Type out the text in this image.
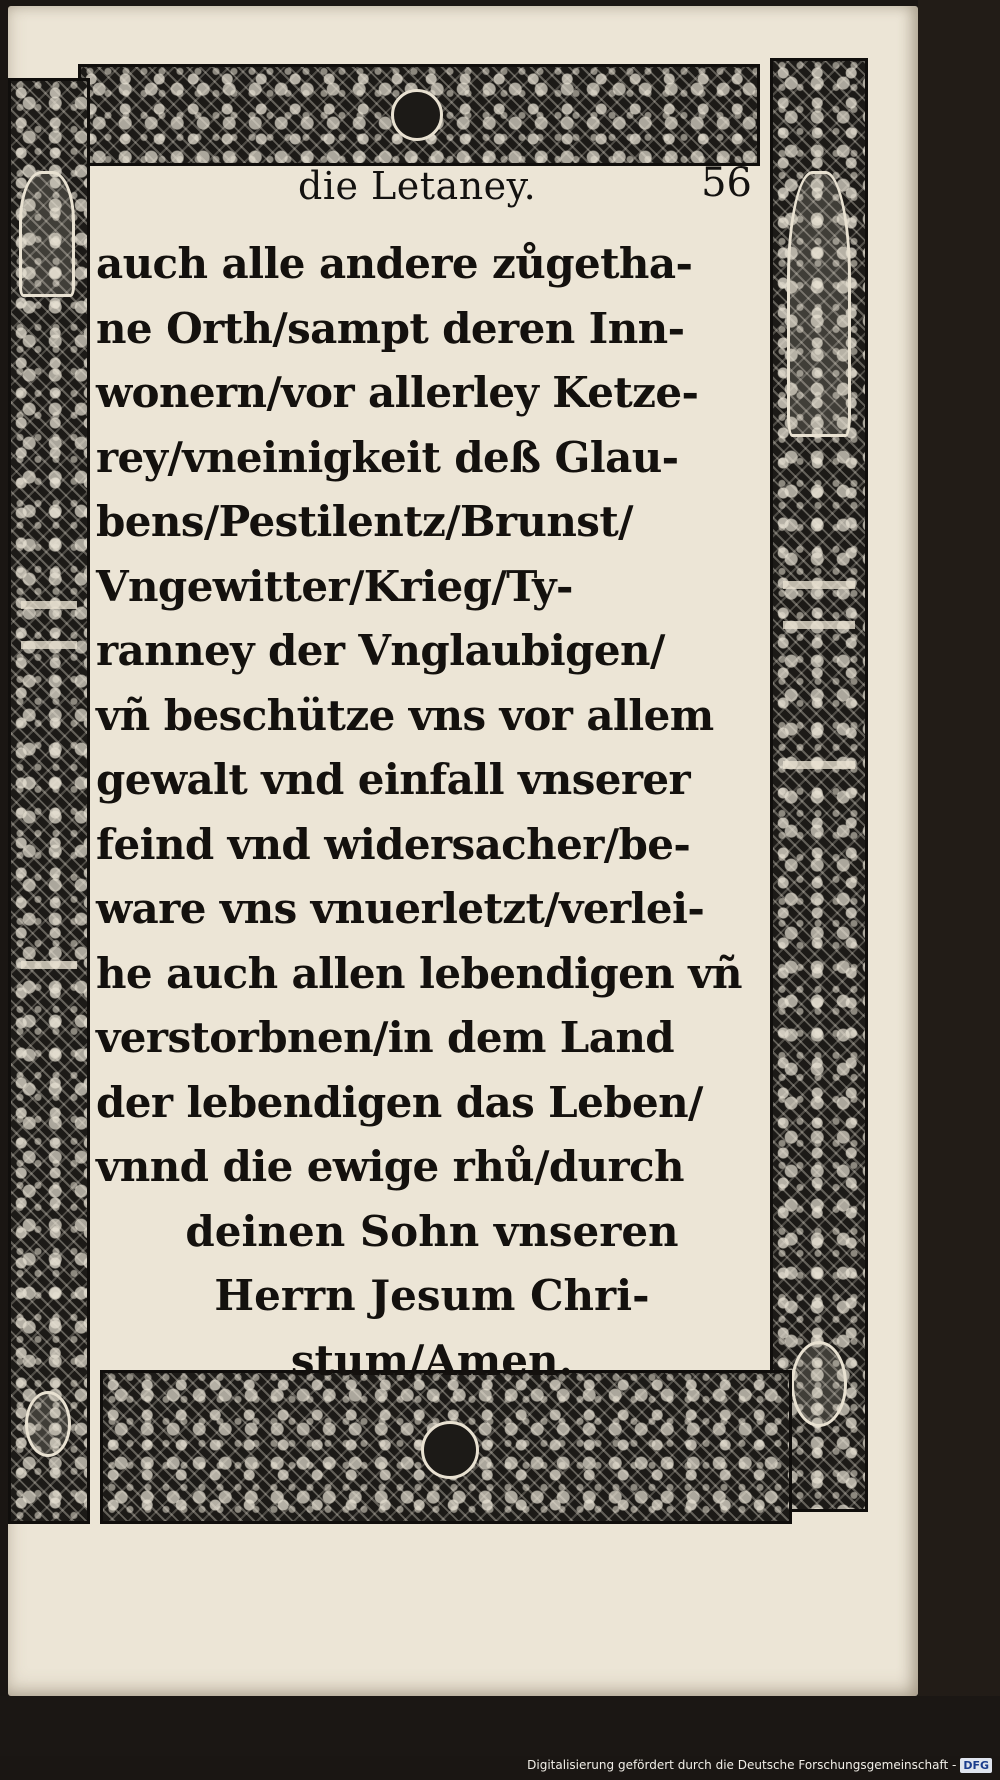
die Letaney.	56
auch alle andere zůgetha-
ne Orth/sampt deren Inn-
wonern/vor allerley Ketze-
rey/vneinigkeit deß Glau-
bens/Pestilentz/Brunst/
Vngewitter/Krieg/Ty-
ranney der Vnglaubigen/
vñ beschütze vns vor allem
gewalt vnd einfall vnserer
feind vnd widersacher/be-
ware vns vnuerletzt/verlei-
he auch allen lebendigen vñ
verstorbnen/in dem Land
der lebendigen das Leben/
vnnd die ewige rhů/durch
deinen Sohn vnseren
Herrn Jesum Chri-
stum/Amen.
Digitalisierung gefördert durch die Deutsche Forschungsgemeinschaft - DFG
